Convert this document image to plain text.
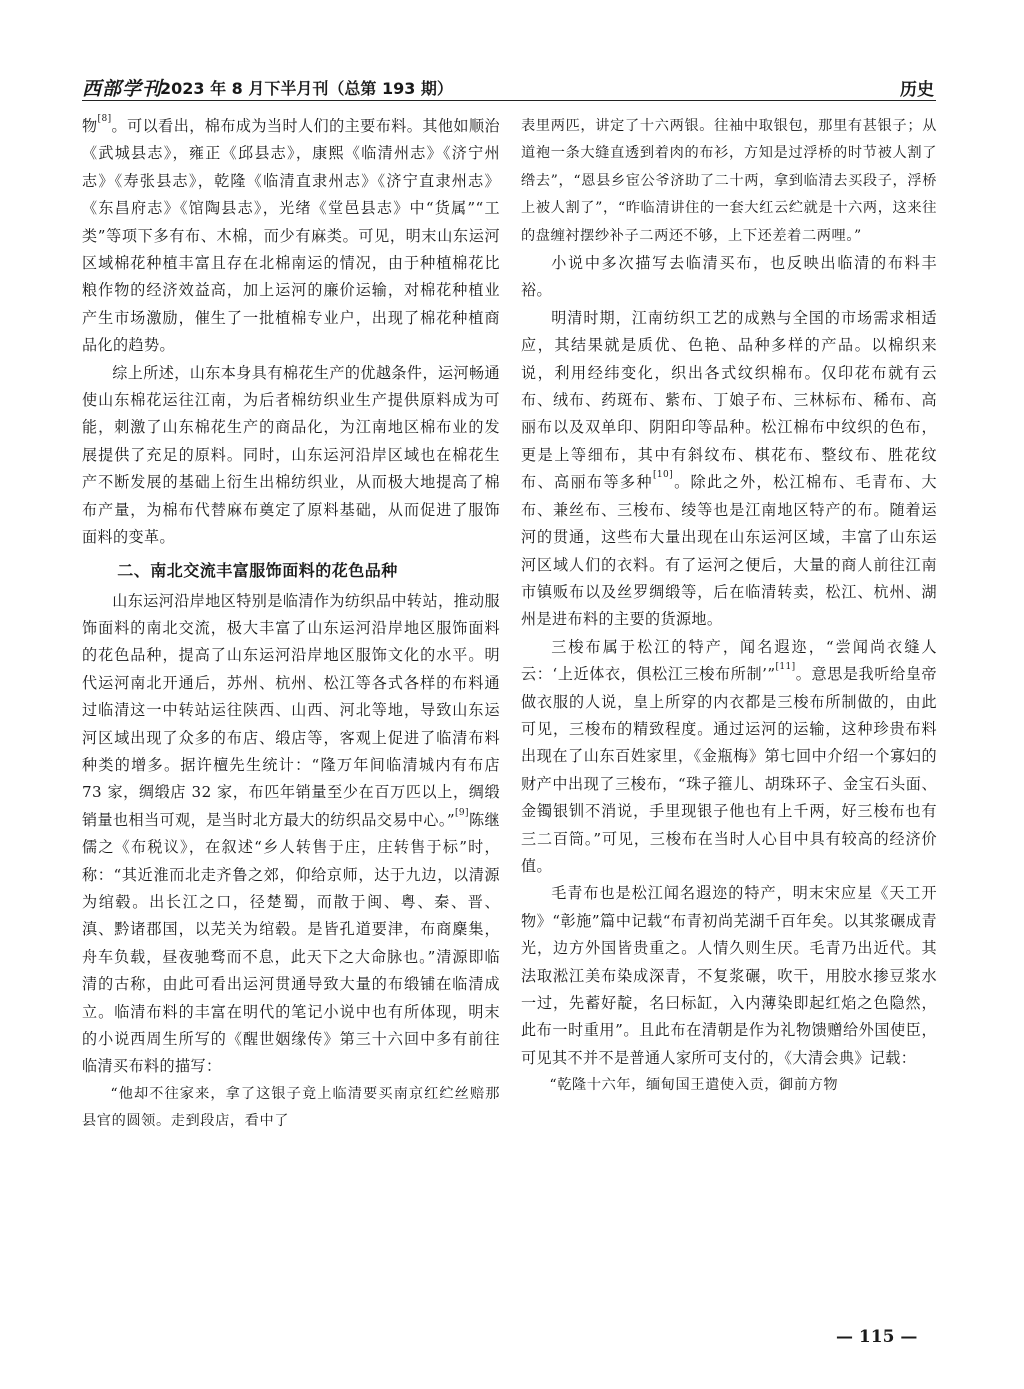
西部学刊
2023 年 8 月下半月刊（总第 193 期）	历史

物[8]。可以看出，棉布成为当时人们的主要布料。其他如顺治《武城县志》，雍正《邱县志》，康熙《临清州志》《济宁州志》《寿张县志》，乾隆《临清直隶州志》《济宁直隶州志》《东昌府志》《馆陶县志》，光绪《堂邑县志》中“货属”“工类”等项下多有布、木棉，而少有麻类。可见，明末山东运河区域棉花种植丰富且存在北棉南运的情况，由于种植棉花比粮作物的经济效益高，加上运河的廉价运输，对棉花种植业产生市场激励，催生了一批植棉专业户，出现了棉花种植商品化的趋势。

综上所述，山东本身具有棉花生产的优越条件，运河畅通使山东棉花运往江南，为后者棉纺织业生产提供原料成为可能，刺激了山东棉花生产的商品化，为江南地区棉布业的发展提供了充足的原料。同时，山东运河沿岸区域也在棉花生产不断发展的基础上衍生出棉纺织业，从而极大地提高了棉布产量，为棉布代替麻布奠定了原料基础，从而促进了服饰面料的变革。

二、南北交流丰富服饰面料的花色品种

山东运河沿岸地区特别是临清作为纺织品中转站，推动服饰面料的南北交流，极大丰富了山东运河沿岸地区服饰面料的花色品种，提高了山东运河沿岸地区服饰文化的水平。明代运河南北开通后，苏州、杭州、松江等各式各样的布料通过临清这一中转站运往陕西、山西、河北等地，导致山东运河区域出现了众多的布店、缎店等，客观上促进了临清布料种类的增多。据许檀先生统计：“隆万年间临清城内有布店 73 家，绸缎店 32 家，布匹年销量至少在百万匹以上，绸缎销量也相当可观，是当时北方最大的纺织品交易中心。”[9]陈继儒之《布税议》，在叙述“乡人转售于庄，庄转售于标”时，称：“其近淮而北走齐鲁之郊，仰给京师，达于九边，以清源为绾毂。出长江之口，径楚蜀，而散于闽、粤、秦、晋、滇、黔诸郡国，以芜关为绾毂。是皆孔道要津，布商麇集，舟车负载，昼夜驰骛而不息，此天下之大命脉也。”清源即临清的古称，由此可看出运河贯通导致大量的布缎铺在临清成立。临清布料的丰富在明代的笔记小说中也有所体现，明末的小说西周生所写的《醒世姻缘传》第三十六回中多有前往临清买布料的描写：

“他却不往家来，拿了这银子竟上临清要买南京红纻丝赔那县官的圆领。走到段店，看中了

表里两匹，讲定了十六两银。往袖中取银包，那里有甚银子；从道袍一条大缝直透到着肉的布衫，方知是过浮桥的时节被人割了绺去”，“恩县乡宦公爷济助了二十两，拿到临清去买段子，浮桥上被人割了”，“昨临清讲住的一套大红云纻就是十六两，这来往的盘缠衬摆纱补子二两还不够，上下还差着二两哩。”

小说中多次描写去临清买布，也反映出临清的布料丰裕。

明清时期，江南纺织工艺的成熟与全国的市场需求相适应，其结果就是质优、色艳、品种多样的产品。以棉织来说，利用经纬变化，织出各式纹织棉布。仅印花布就有云布、绒布、药斑布、紫布、丁娘子布、三林标布、稀布、高丽布以及双单印、阴阳印等品种。松江棉布中纹织的色布，更是上等细布，其中有斜纹布、棋花布、整纹布、胜花纹布、高丽布等多种[10]。除此之外，松江棉布、毛青布、大布、兼丝布、三梭布、绫等也是江南地区特产的布。随着运河的贯通，这些布大量出现在山东运河区域，丰富了山东运河区域人们的衣料。有了运河之便后，大量的商人前往江南市镇贩布以及丝罗绸缎等，后在临清转卖，松江、杭州、湖州是进布料的主要的货源地。

三梭布属于松江的特产，闻名遐迩，“尝闻尚衣缝人云：‘上近体衣，俱松江三梭布所制’”[11]。意思是我听给皇帝做衣服的人说，皇上所穿的内衣都是三梭布所制做的，由此可见，三梭布的精致程度。通过运河的运输，这种珍贵布料出现在了山东百姓家里，《金瓶梅》第七回中介绍一个寡妇的财产中出现了三梭布，“珠子箍儿、胡珠环子、金宝石头面、金镯银钏不消说，手里现银子他也有上千两，好三梭布也有三二百筒。”可见，三梭布在当时人心目中具有较高的经济价值。

毛青布也是松江闻名遐迩的特产，明末宋应星《天工开物》“彰施”篇中记载“布青初尚芜湖千百年矣。以其浆碾成青光，边方外国皆贵重之。人情久则生厌。毛青乃出近代。其法取淞江美布染成深青，不复浆碾，吹干，用胶水掺豆浆水一过，先蓄好靛，名曰标缸，入内薄染即起红焰之色隐然，此布一时重用”。且此布在清朝是作为礼物馈赠给外国使臣，可见其不并不是普通人家所可支付的，《大清会典》记载：

“乾隆十六年，缅甸国王遣使入贡，御前方物

— 115 —
